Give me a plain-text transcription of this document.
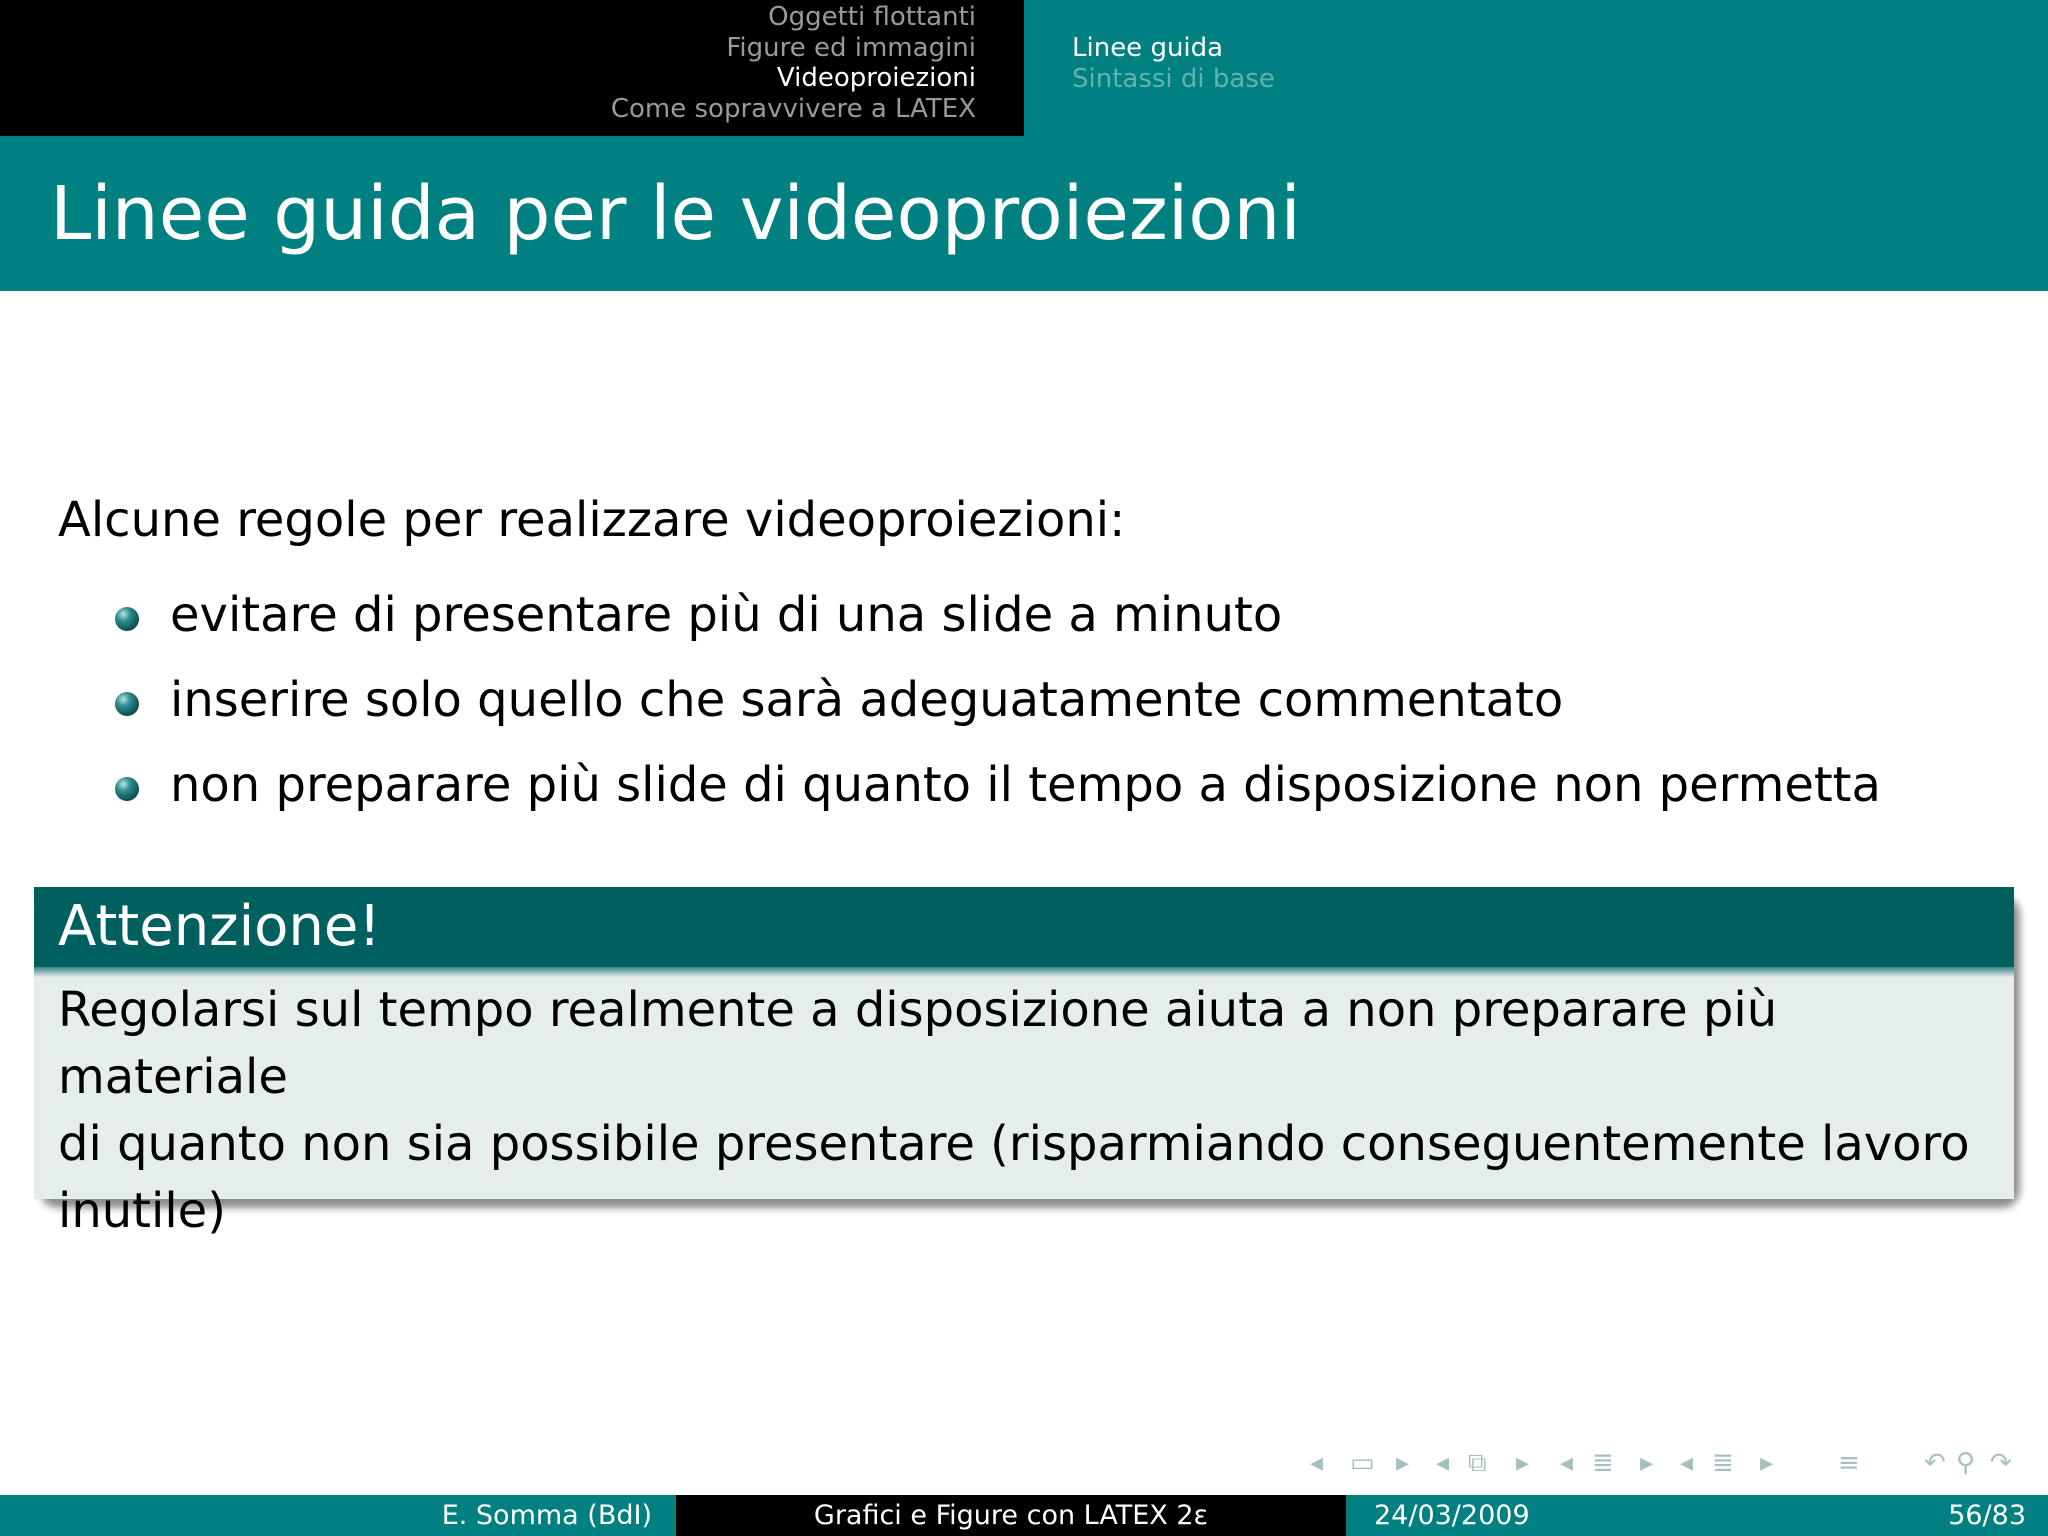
Oggetti flottanti
Figure ed immagini
Videoproiezioni
Come sopravvivere a LATEX
Linee guida
Sintassi di base
Linee guida per le videoproiezioni
Alcune regole per realizzare videoproiezioni:
evitare di presentare più di una slide a minuto
inserire solo quello che sarà adeguatamente commentato
non preparare più slide di quanto il tempo a disposizione non permetta
Attenzione!
Regolarsi sul tempo realmente a disposizione aiuta a non preparare più materiale
di quanto non sia possibile presentare (risparmiando conseguentemente lavoro
inutile)
◂ ▭ ▸ ◂ ⧉ ▸ ◂ ≣ ▸ ◂ ≣ ▸ ≡ ↶ ⚲ ↷
E. Somma (BdI)	Grafici e Figure con LATEX 2ε	24/03/2009	56/83
